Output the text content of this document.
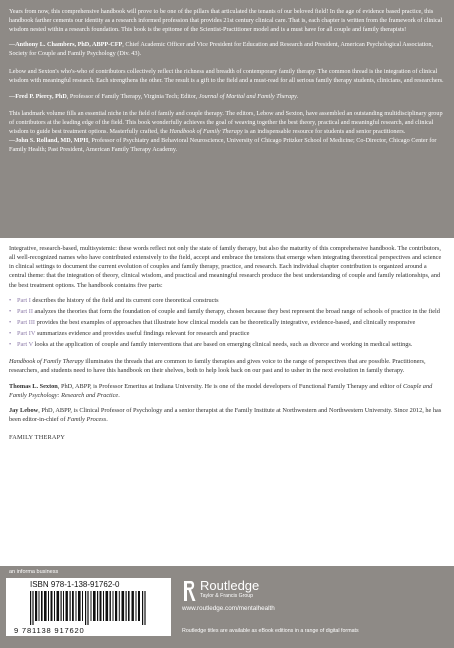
Years from now, this comprehensive handbook will prove to be one of the pillars that articulated the tenants of our beloved field! In the age of evidence based practice, this handbook farther cements our identity as a research informed profession that provides 21st century clinical care. That is, each chapter is written from the framework of clinical wisdom nested within a research foundation. This book is the epitome of the Scientist-Practitioner model and is a must have for all couple and family therapists!

—Anthony L. Chambers, PhD, ABPP-CFP, Chief Academic Officer and Vice President for Education and Research and President, American Psychological Association, Society for Couple and Family Psychology (Div. 43).

Lebow and Sexton's who's-who of contributors collectively reflect the richness and breadth of contemporary family therapy. The common thread is the integration of clinical wisdom with meaningful research. Each strengthens the other. The result is a gift to the field and a must-read for all serious family therapy students, clinicians, and researchers.

—Fred P. Piercy, PhD, Professor of Family Therapy, Virginia Tech; Editor, Journal of Marital and Family Therapy.

This landmark volume fills an essential niche in the field of family and couple therapy. The editors, Lebow and Sexton, have assembled an outstanding multidisciplinary group of contributors at the leading edge of the field. This book wonderfully achieves the goal of weaving together the best theory, practical and meaningful research, and clinical wisdom to guide best treatment options. Masterfully crafted, the Handbook of Family Therapy is an indispensable resource for students and senior practitioners.

—John S. Rolland, MD, MPH, Professor of Psychiatry and Behavioral Neuroscience, University of Chicago Pritzker School of Medicine; Co-Director, Chicago Center for Family Health; Past President, American Family Therapy Academy.

Integrative, research-based, multisystemic: these words reflect not only the state of family therapy, but also the maturity of this comprehensive handbook. The contributors, all well-recognized names who have contributed extensively to the field, accept and embrace the tensions that emerge when integrating theoretical perspectives and science in clinical settings to document the current evolution of couples and family therapy, practice, and research. Each individual chapter contribution is organized around a central theme: that the integration of theory, clinical wisdom, and practical and meaningful research produce the best understanding of couple and family relationships, and the best treatment options. The handbook contains five parts:

• Part I describes the history of the field and its current core theoretical constructs
• Part II analyzes the theories that form the foundation of couple and family therapy, chosen because they best represent the broad range of schools of practice in the field
• Part III provides the best examples of approaches that illustrate how clinical models can be theoretically integrative, evidence-based, and clinically responsive
• Part IV summarizes evidence and provides useful findings relevant for research and practice
• Part V looks at the application of couple and family interventions that are based on emerging clinical needs, such as divorce and working in medical settings.

Handbook of Family Therapy illuminates the threads that are common to family therapies and gives voice to the range of perspectives that are possible. Practitioners, researchers, and students need to have this handbook on their shelves, both to help look back on our past and to usher in the next evolution in family therapy.

Thomas L. Sexton, PhD, ABPP, is Professor Emeritus at Indiana University. He is one of the model developers of Functional Family Therapy and editor of Couple and Family Psychology: Research and Practice.

Jay Lebow, PhD, ABPP, is Clinical Professor of Psychology and a senior therapist at the Family Institute at Northwestern and Northwestern University. Since 2012, he has been editor-in-chief of Family Process.

FAMILY THERAPY
an informa business
ISBN 978-1-138-91762-0
9 781138 917620
Routledge
Taylor & Francis Group
www.routledge.com/mentalhealth
Routledge titles are available as eBook editions in a range of digital formats
